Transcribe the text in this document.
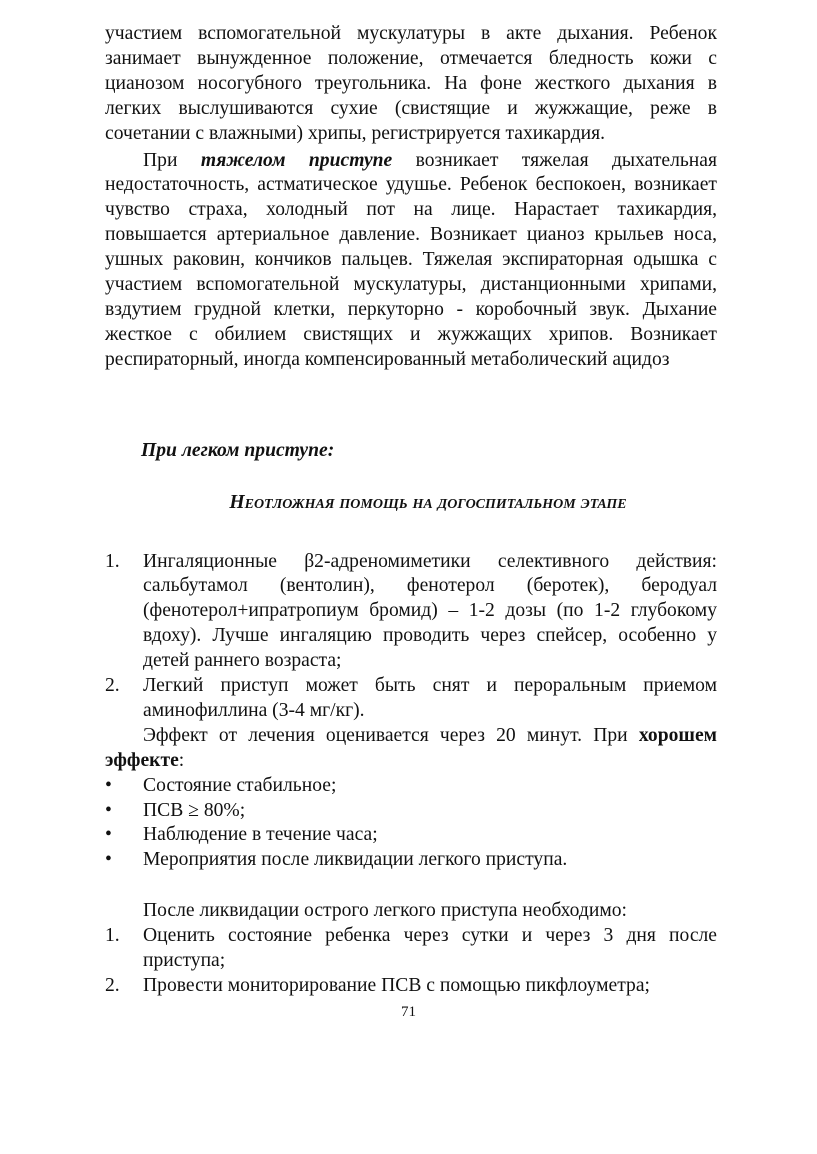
участием вспомогательной мускулатуры в акте дыхания. Ребенок занимает вынужденное положение, отмечается бледность кожи с цианозом носогубного треугольника. На фоне жесткого дыхания в легких выслушиваются сухие (свистящие и жужжащие, реже в сочетании с влажными) хрипы, регистрируется тахикардия.

При тяжелом приступе возникает тяжелая дыхательная недостаточность, астматическое удушье. Ребенок беспокоен, возникает чувство страха, холодный пот на лице. Нарастает тахикардия, повышается артериальное давление. Возникает цианоз крыльев носа, ушных раковин, кончиков пальцев. Тяжелая экспираторная одышка с участием вспомогательной мускулатуры, дистанционными хрипами, вздутием грудной клетки, перкуторно - коробочный звук. Дыхание жесткое с обилием свистящих и жужжащих хрипов. Возникает респираторный, иногда компенсированный метаболический ацидоз

При легком приступе:

Неотложная помощь на догоспитальном этапе

1. Ингаляционные β2-адреномиметики селективного действия: сальбутамол (вентолин), фенотерол (беротек), беродуал (фенотерол+ипратропиум бромид) – 1-2 дозы (по 1-2 глубокому вдоху). Лучше ингаляцию проводить через спейсер, особенно у детей раннего возраста;
2. Легкий приступ может быть снят и пероральным приемом аминофиллина (3-4 мг/кг).

Эффект от лечения оценивается через 20 минут. При хорошем эффекте:

• Состояние стабильное;
• ПСВ ≥ 80%;
• Наблюдение в течение часа;
• Мероприятия после ликвидации легкого приступа.

После ликвидации острого легкого приступа необходимо:

1. Оценить состояние ребенка через сутки и через 3 дня после приступа;
2. Провести мониторирование ПСВ с помощью пикфлоуметра;
71
